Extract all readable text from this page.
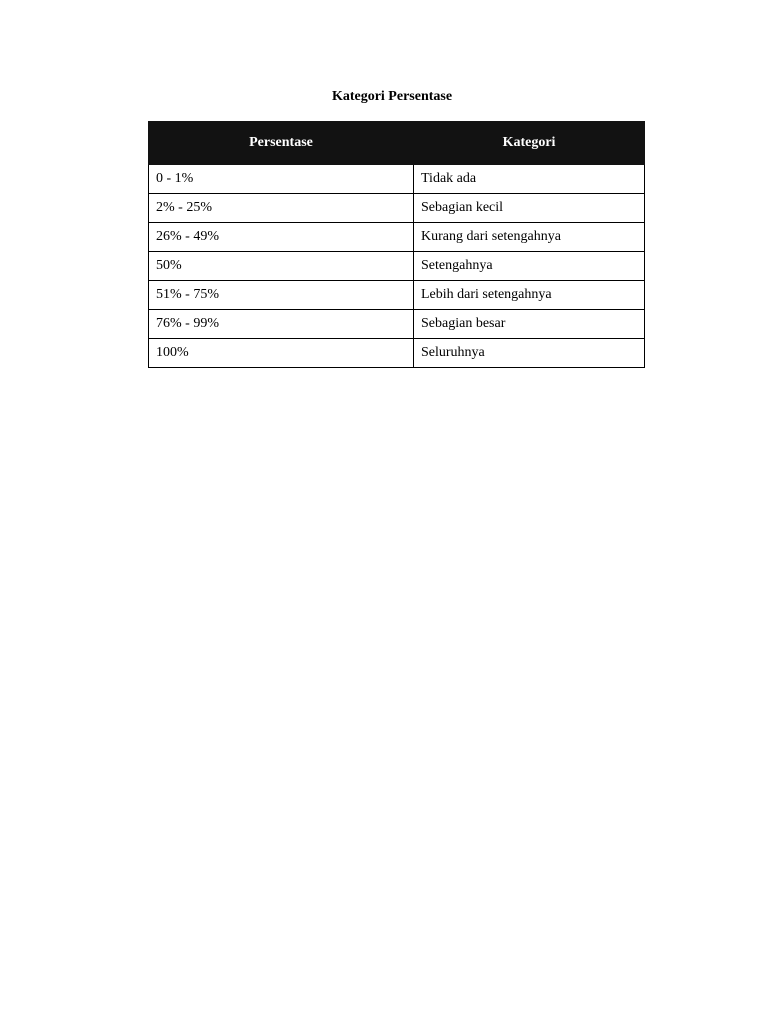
Kategori Persentase
Persentase	Kategori
0 - 1%	Tidak ada
2% - 25%	Sebagian kecil
26% - 49%	Kurang dari setengahnya
50%	Setengahnya
51% - 75%	Lebih dari setengahnya
76% - 99%	Sebagian besar
100%	Seluruhnya
